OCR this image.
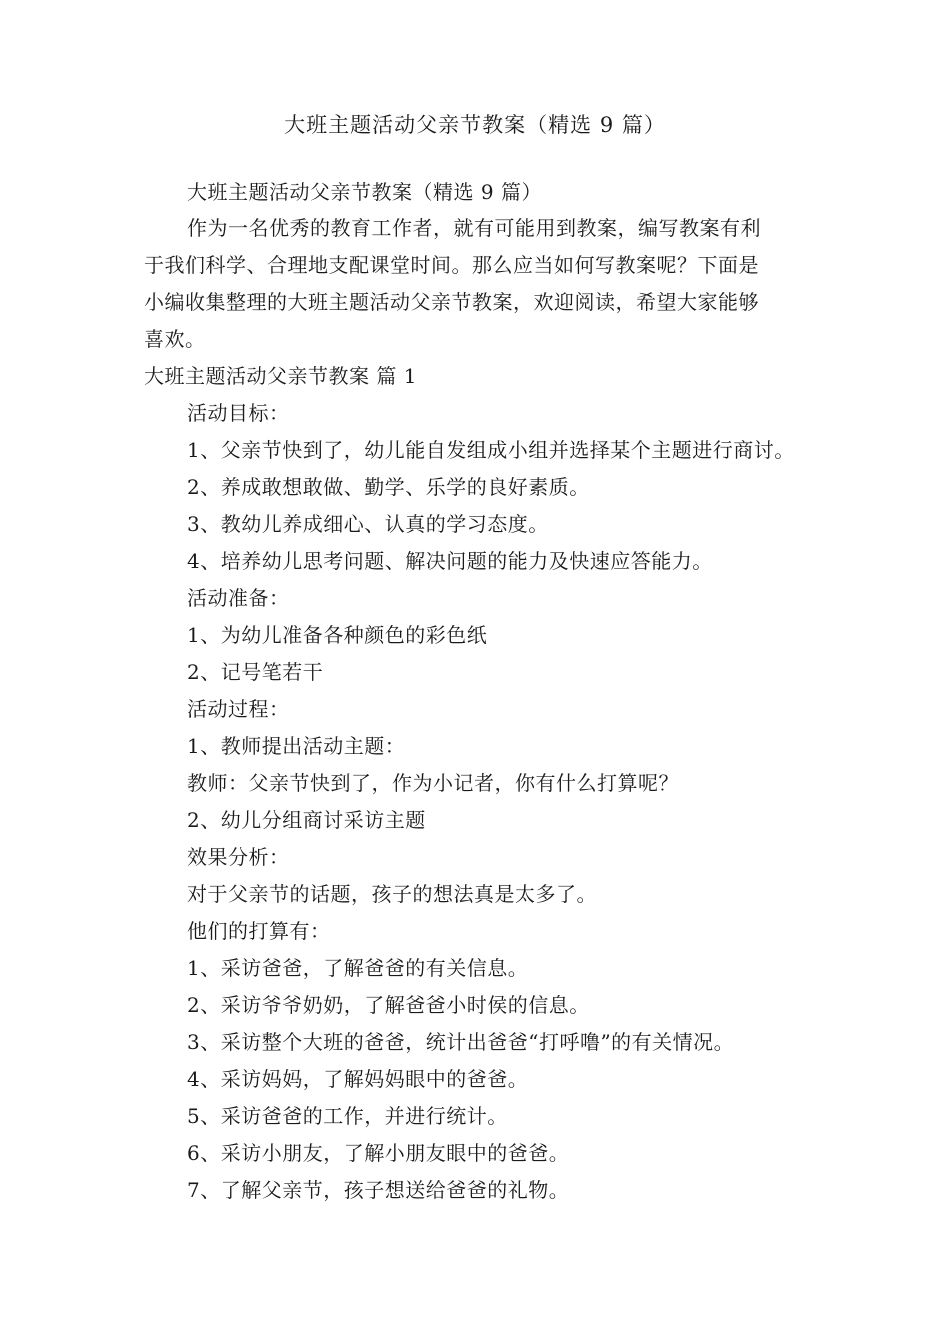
大班主题活动父亲节教案（精选 9 篇）
大班主题活动父亲节教案（精选 9 篇）
作为一名优秀的教育工作者，就有可能用到教案，编写教案有利
于我们科学、合理地支配课堂时间。那么应当如何写教案呢？下面是
小编收集整理的大班主题活动父亲节教案，欢迎阅读，希望大家能够
喜欢。
大班主题活动父亲节教案 篇 1
活动目标：
1、父亲节快到了，幼儿能自发组成小组并选择某个主题进行商讨。
2、养成敢想敢做、勤学、乐学的良好素质。
3、教幼儿养成细心、认真的学习态度。
4、培养幼儿思考问题、解决问题的能力及快速应答能力。
活动准备：
1、为幼儿准备各种颜色的彩色纸
2、记号笔若干
活动过程：
1、教师提出活动主题：
教师：父亲节快到了，作为小记者，你有什么打算呢？
2、幼儿分组商讨采访主题
效果分析：
对于父亲节的话题，孩子的想法真是太多了。
他们的打算有：
1、采访爸爸，了解爸爸的有关信息。
2、采访爷爷奶奶，了解爸爸小时侯的信息。
3、采访整个大班的爸爸，统计出爸爸“打呼噜”的有关情况。
4、采访妈妈，了解妈妈眼中的爸爸。
5、采访爸爸的工作，并进行统计。
6、采访小朋友，了解小朋友眼中的爸爸。
7、了解父亲节，孩子想送给爸爸的礼物。
